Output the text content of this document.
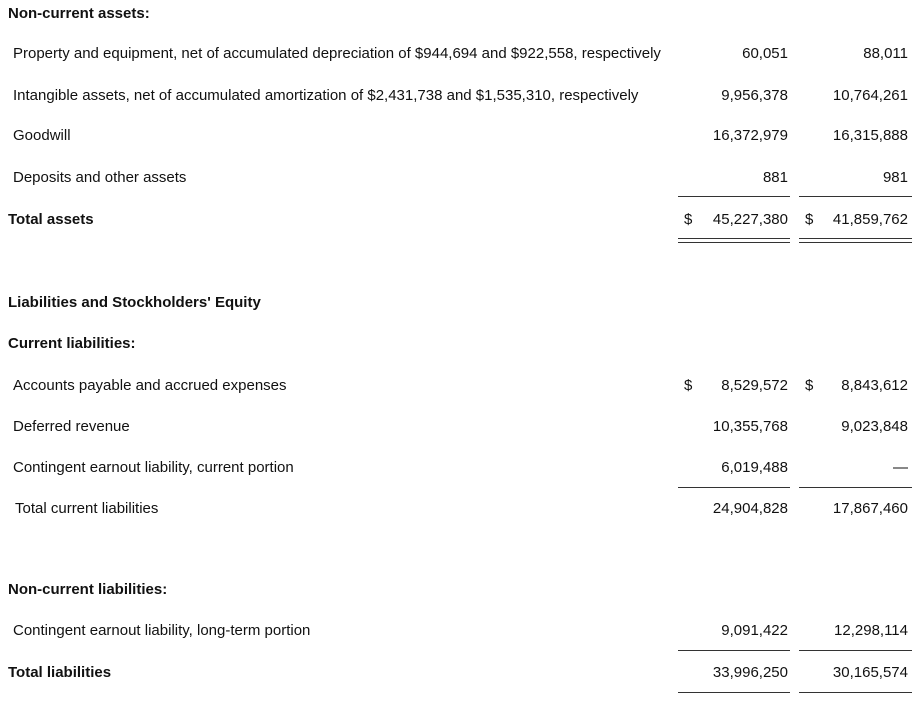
Non-current assets:
Property and equipment, net of accumulated depreciation of $944,694 and $922,558, respectively	60,051	88,011
Intangible assets, net of accumulated amortization of $2,431,738 and $1,535,310, respectively	9,956,378	10,764,261
Goodwill	16,372,979	16,315,888
Deposits and other assets	881	981
Total assets	$ 45,227,380 $ 41,859,762
Liabilities and Stockholders' Equity
Current liabilities:
Accounts payable and accrued expenses	$ 8,529,572 $ 8,843,612
Deferred revenue	10,355,768	9,023,848
Contingent earnout liability, current portion	6,019,488	—
Total current liabilities	24,904,828	17,867,460
Non-current liabilities:
Contingent earnout liability, long-term portion	9,091,422	12,298,114
Total liabilities	33,996,250	30,165,574
